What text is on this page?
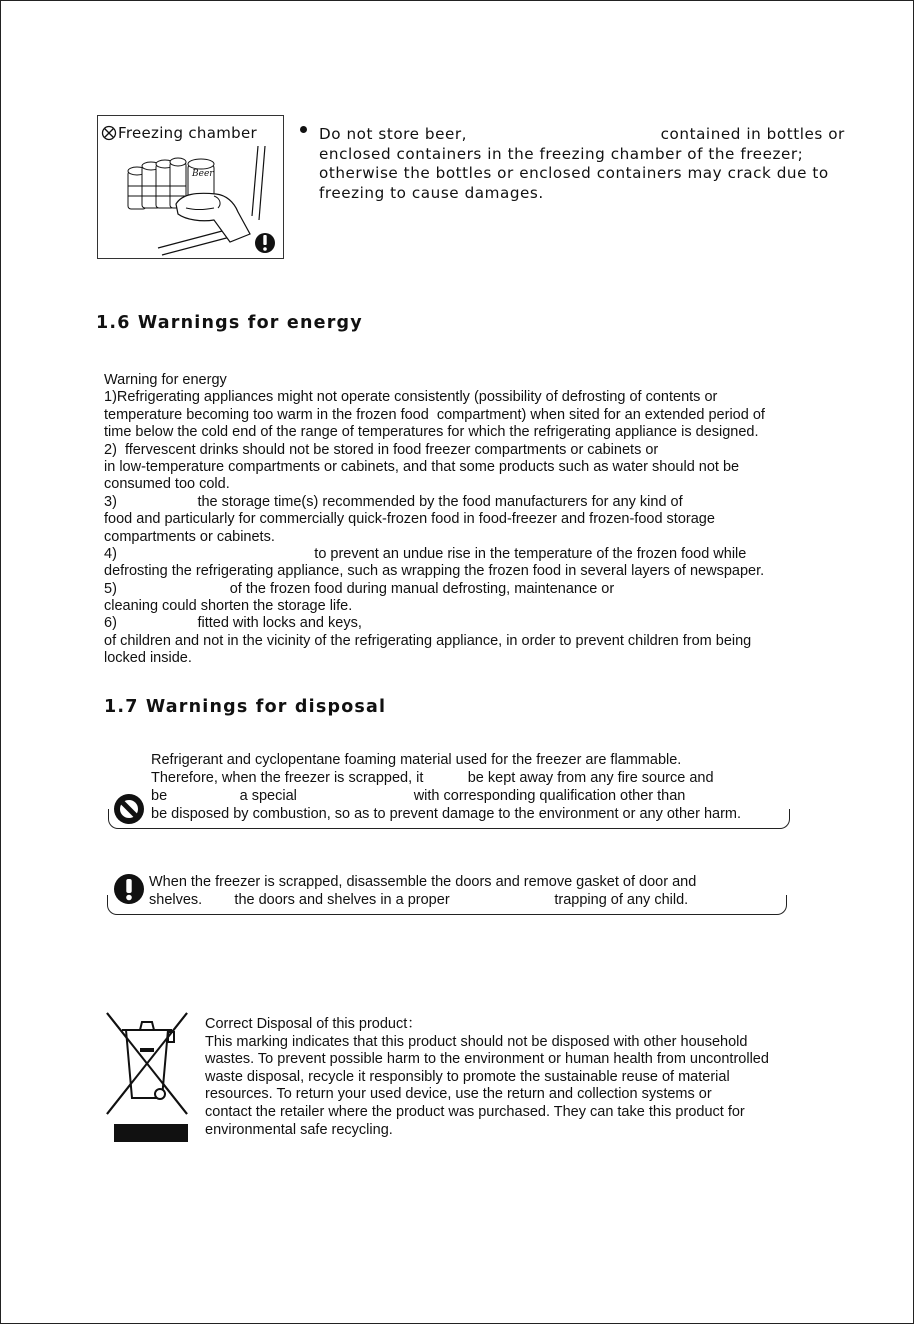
Freezing chamber
Beer
Do not store beer,                                    contained in bottles or
enclosed containers in the freezing chamber of the freezer;
otherwise the bottles or enclosed containers may crack due to
freezing to cause damages.
1.6 Warnings for energy
Warning for energy
1)Refrigerating appliances might not operate consistently (possibility of defrosting of contents or
temperature becoming too warm in the frozen food  compartment) when sited for an extended period of
time below the cold end of the range of temperatures for which the refrigerating appliance is designed.
2)  ffervescent drinks should not be stored in food freezer compartments or cabinets or
in low-temperature compartments or cabinets, and that some products such as water should not be
consumed too cold.
3)                    the storage time(s) recommended by the food manufacturers for any kind of
food and particularly for commercially quick-frozen food in food-freezer and frozen-food storage
compartments or cabinets.
4)                                                 to prevent an undue rise in the temperature of the frozen food while
defrosting the refrigerating appliance, such as wrapping the frozen food in several layers of newspaper.
5)                            of the frozen food during manual defrosting, maintenance or
cleaning could shorten the storage life.
6)                    fitted with locks and keys,
of children and not in the vicinity of the refrigerating appliance, in order to prevent children from being
locked inside.
1.7 Warnings for disposal
Refrigerant and cyclopentane foaming material used for the freezer are flammable.
Therefore, when the freezer is scrapped, it           be kept away from any fire source and
be                  a special                             with corresponding qualification other than
be disposed by combustion, so as to prevent damage to the environment or any other harm.
When the freezer is scrapped, disassemble the doors and remove gasket of door and
shelves.        the doors and shelves in a proper                          trapping of any child.
Correct Disposal of this product：
This marking indicates that this product should not be disposed with other household
wastes. To prevent possible harm to the environment or human health from uncontrolled
waste disposal, recycle it responsibly to promote the sustainable reuse of material
resources. To return your used device, use the return and collection systems or
contact the retailer where the product was purchased. They can take this product for
environmental safe recycling.
